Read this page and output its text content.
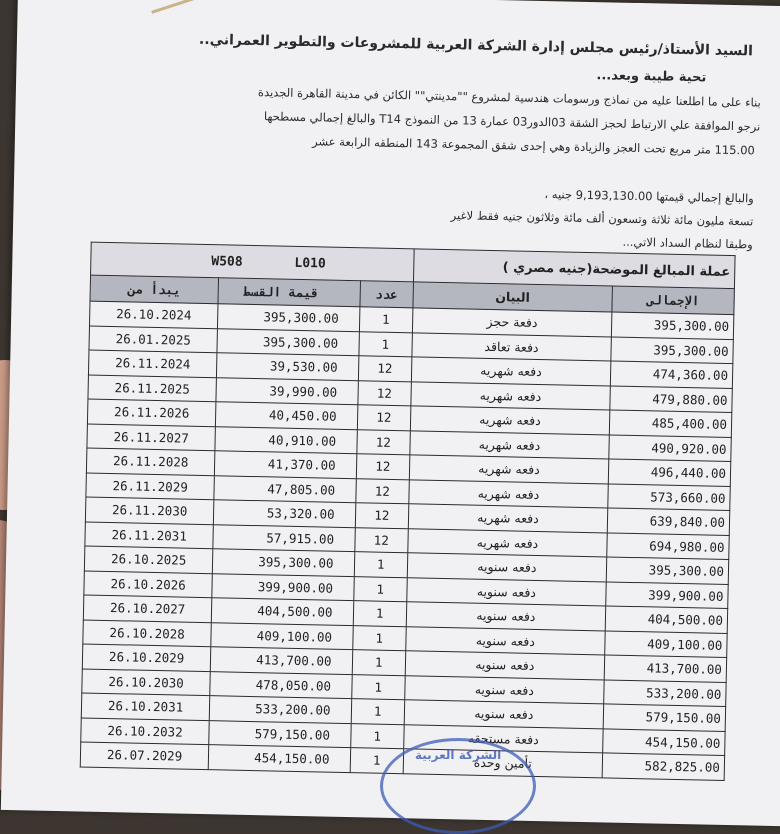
السيد الأستاذ/رئيس مجلس إدارة الشركة العربية للمشروعات والتطوير العمراني..
تحية طيبة وبعد...
بناء على ما اطلعنا عليه من نماذج ورسومات هندسية لمشروع ""مدينتي"" الكائن في مدينة القاهرة الجديدة
نرجو الموافقة علي الارتباط لحجز الشقة 03الدور03 عمارة 13 من النموذج T14 والبالغ إجمالي مسطحها
115.00 متر مربع تحت العجز والزيادة وهي إحدى شقق المجموعة 143 المنطقه الرابعة عشر
والبالغ إجمالي قيمتها 9,193,130.00 جنيه ،
تسعة مليون مائة ثلاثة وتسعون ألف مائة وثلاثون جنيه فقط لاغير
وطبقا لنظام السداد الاتي...
W508 L010			عملة المبالغ الموضحة(جنيه مصري )	
يبدأ من	قيمة القسط	عدد	البيان	الإجمالى
26.10.2024	395,300.00	1	دفعة حجز	395,300.00
26.01.2025	395,300.00	1	دفعة تعاقد	395,300.00
26.11.2024	39,530.00	12	دفعه شهريه	474,360.00
26.11.2025	39,990.00	12	دفعه شهريه	479,880.00
26.11.2026	40,450.00	12	دفعه شهريه	485,400.00
26.11.2027	40,910.00	12	دفعه شهريه	490,920.00
26.11.2028	41,370.00	12	دفعه شهريه	496,440.00
26.11.2029	47,805.00	12	دفعه شهريه	573,660.00
26.11.2030	53,320.00	12	دفعه شهريه	639,840.00
26.11.2031	57,915.00	12	دفعه شهريه	694,980.00
26.10.2025	395,300.00	1	دفعه سنويه	395,300.00
26.10.2026	399,900.00	1	دفعه سنويه	399,900.00
26.10.2027	404,500.00	1	دفعه سنويه	404,500.00
26.10.2028	409,100.00	1	دفعه سنويه	409,100.00
26.10.2029	413,700.00	1	دفعه سنويه	413,700.00
26.10.2030	478,050.00	1	دفعه سنويه	533,200.00
26.10.2031	533,200.00	1	دفعه سنويه	579,150.00
26.10.2032	579,150.00	1	دفعة مستحقه	454,150.00
26.07.2029	454,150.00	1	تأمين وحدة	582,825.00
الشركة العربية
